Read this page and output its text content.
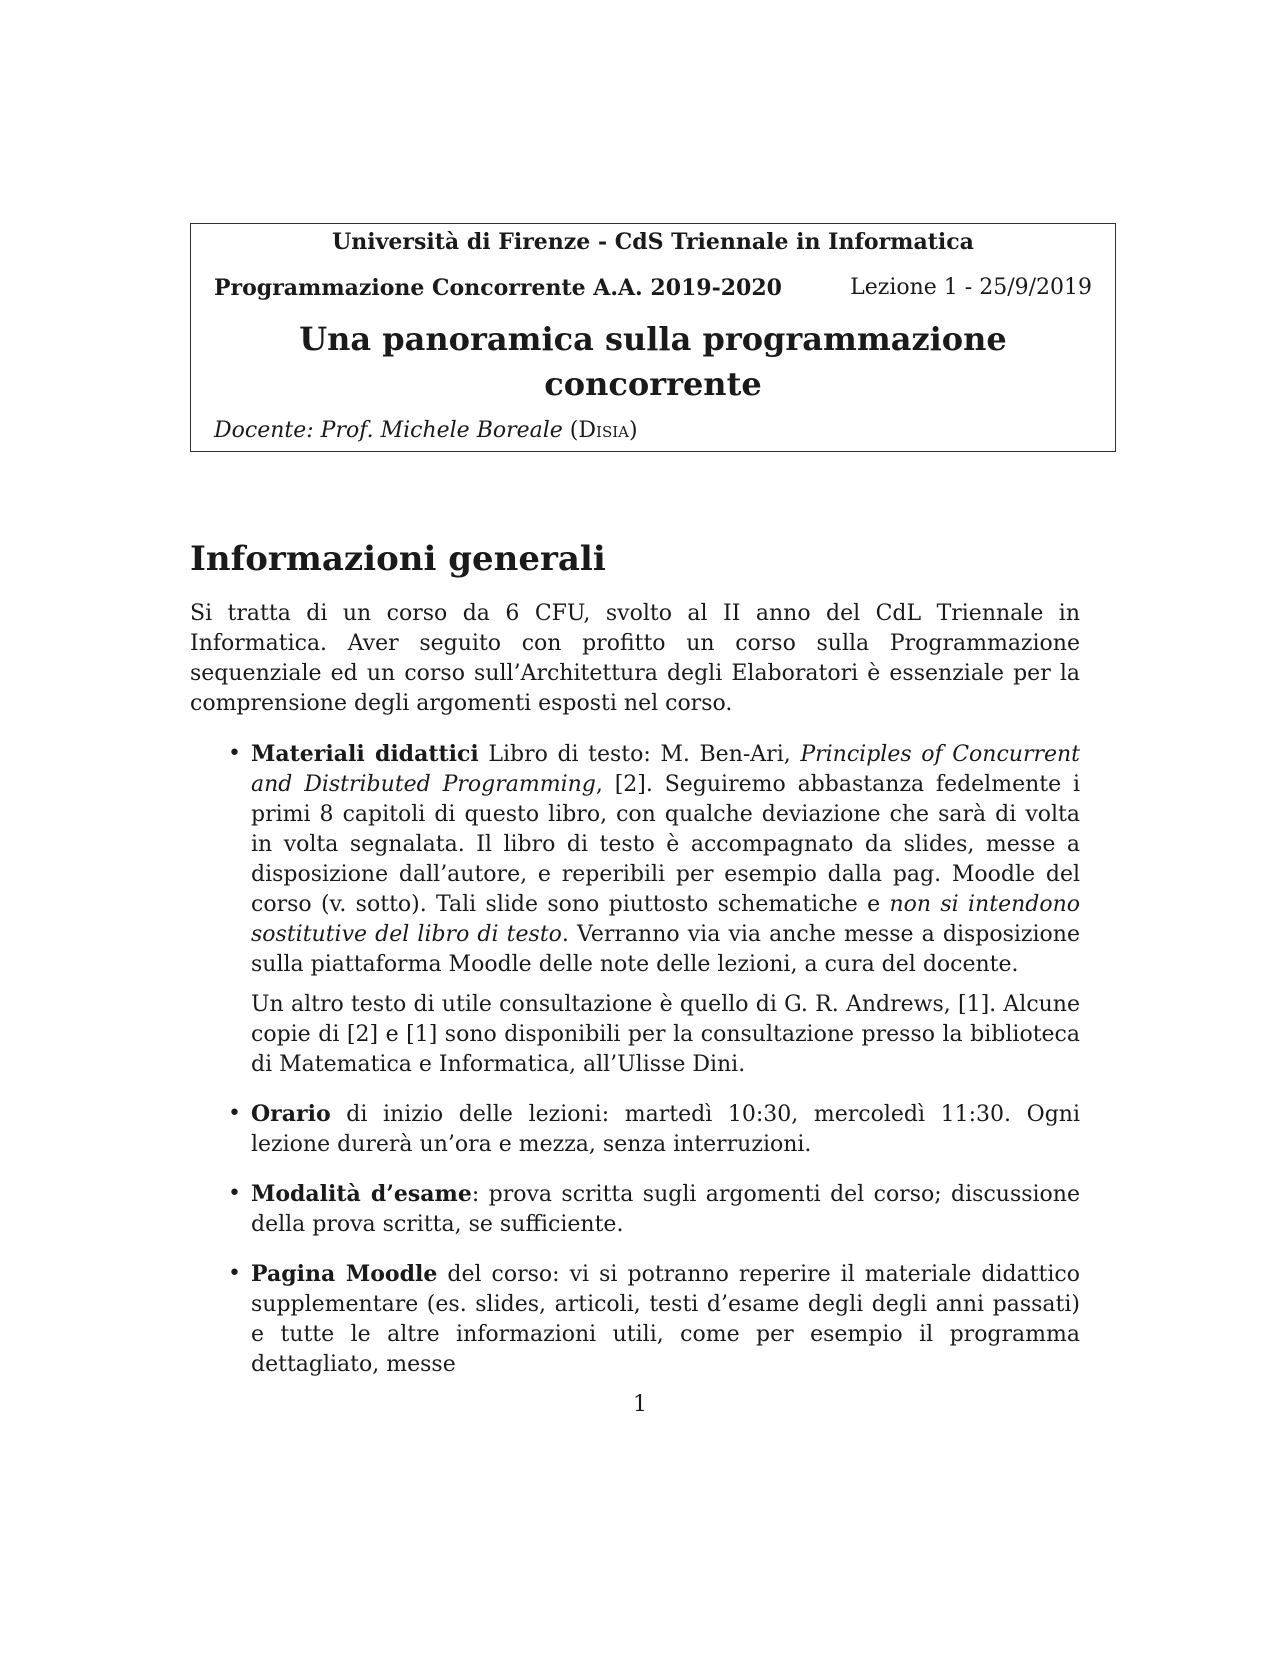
Università di Firenze - CdS Triennale in Informatica
Programmazione Concorrente A.A. 2019-2020	Lezione 1 - 25/9/2019
Una panoramica sulla programmazione
concorrente
Docente: Prof. Michele Boreale (Disia)
Informazioni generali

Si tratta di un corso da 6 CFU, svolto al II anno del CdL Triennale in Informatica. Aver seguito con profitto un corso sulla Programmazione sequenziale ed un corso sull’Architettura degli Elaboratori è essenziale per la comprensione degli argomenti esposti nel corso.

• Materiali didattici Libro di testo: M. Ben-Ari, Principles of Concurrent and Distributed Programming, [2]. Seguiremo abbastanza fedelmente i primi 8 capitoli di questo libro, con qualche deviazione che sarà di volta in volta segnalata. Il libro di testo è accompagnato da slides, messe a disposizione dall’autore, e reperibili per esempio dalla pag. Moodle del corso (v. sotto). Tali slide sono piuttosto schematiche e non si intendono sostitutive del libro di testo. Verranno via via anche messe a disposizione sulla piattaforma Moodle delle note delle lezioni, a cura del docente.

Un altro testo di utile consultazione è quello di G. R. Andrews, [1]. Alcune copie di [2] e [1] sono disponibili per la consultazione presso la biblioteca di Matematica e Informatica, all’Ulisse Dini.

• Orario di inizio delle lezioni: martedì 10:30, mercoledì 11:30. Ogni lezione durerà un’ora e mezza, senza interruzioni.

• Modalità d’esame: prova scritta sugli argomenti del corso; discussione della prova scritta, se sufficiente.

• Pagina Moodle del corso: vi si potranno reperire il materiale didattico supplementare (es. slides, articoli, testi d’esame degli degli anni passati) e tutte le altre informazioni utili, come per esempio il programma dettagliato, messe

1
